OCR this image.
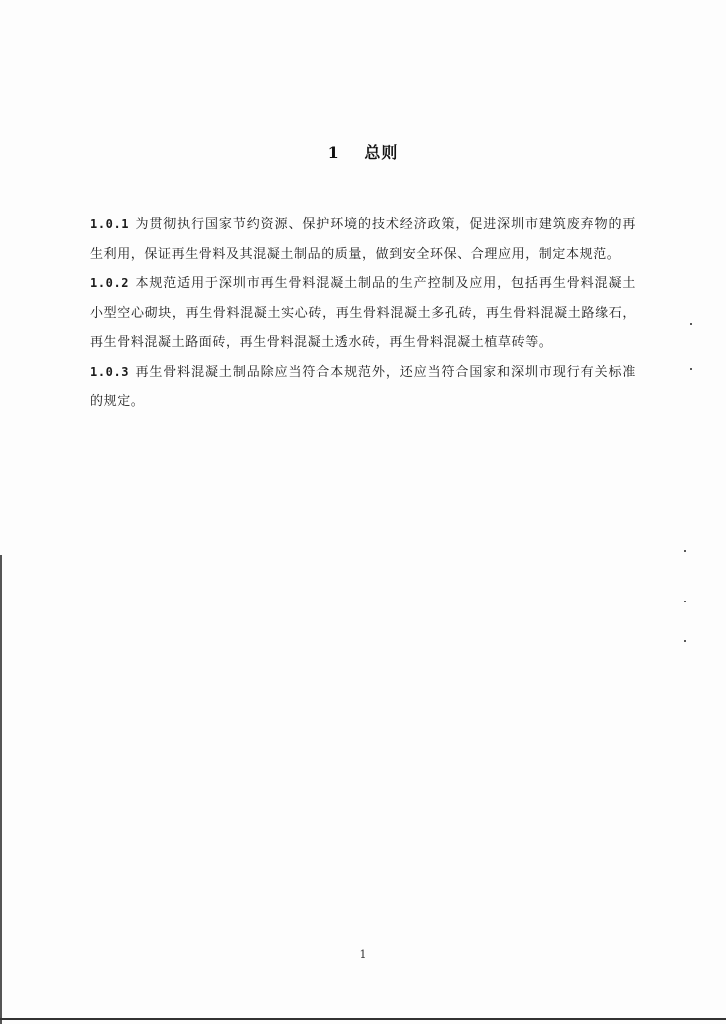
1 总则

1.0.1 为贯彻执行国家节约资源、保护环境的技术经济政策，促进深圳市建筑废弃物的再生利用，保证再生骨料及其混凝土制品的质量，做到安全环保、合理应用，制定本规范。

1.0.2 本规范适用于深圳市再生骨料混凝土制品的生产控制及应用，包括再生骨料混凝土小型空心砌块，再生骨料混凝土实心砖，再生骨料混凝土多孔砖，再生骨料混凝土路缘石，再生骨料混凝土路面砖，再生骨料混凝土透水砖，再生骨料混凝土植草砖等。

1.0.3 再生骨料混凝土制品除应当符合本规范外，还应当符合国家和深圳市现行有关标准的规定。

1
